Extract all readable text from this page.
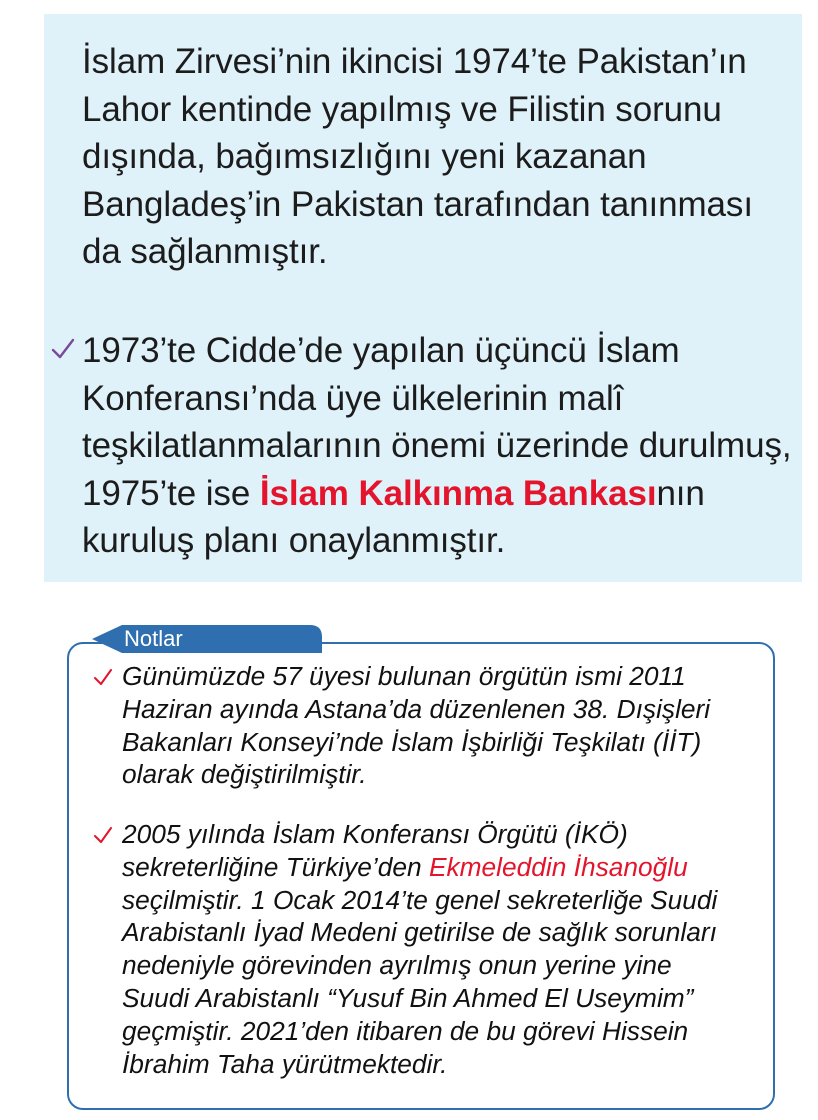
İslam Zirvesi’nin ikincisi 1974’te Pakistan’ın Lahor kentinde yapılmış ve Filistin sorunu dışında, bağımsızlığını yeni kazanan Bangladeş’in Pakistan tarafından tanınması da sağlanmıştır.

1973’te Cidde’de yapılan üçüncü İslam Konferansı’nda üye ülkelerinin malî teşkilatlanmalarının önemi üzerinde durulmuş, 1975’te ise İslam Kalkınma Bankasının kuruluş planı onaylanmıştır.

Notlar

Günümüzde 57 üyesi bulunan örgütün ismi 2011 Haziran ayında Astana’da düzenlenen 38. Dışişleri Bakanları Konseyi’nde İslam İşbirliği Teşkilatı (İİT) olarak değiştirilmiştir.

2005 yılında İslam Konferansı Örgütü (İKÖ) sekreterliğine Türkiye’den Ekmeleddin İhsanoğlu seçilmiştir. 1 Ocak 2014’te genel sekreterliğe Suudi Arabistanlı İyad Medeni getirilse de sağlık sorunları nedeniyle görevinden ayrılmış onun yerine yine Suudi Arabistanlı “Yusuf Bin Ahmed El Useymim” geçmiştir. 2021’den itibaren de bu görevi Hissein İbrahim Taha yürütmektedir.
